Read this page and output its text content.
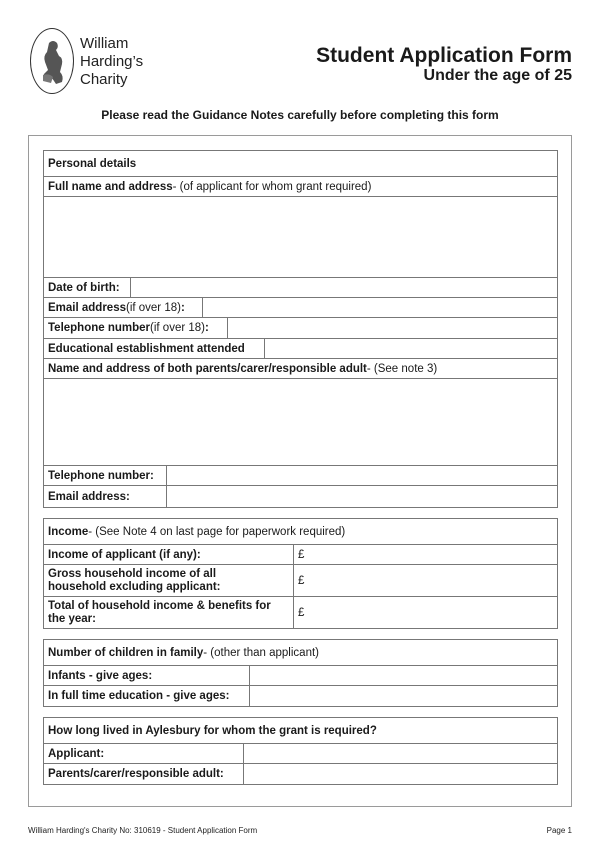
William
Harding’s
Charity
Student Application Form
Under the age of 25
Please read the Guidance Notes carefully before completing this form
Personal details
Full name and address - (of applicant for whom grant required)
Date of birth:
Email address (if over 18) :
Telephone number (if over 18) :
Educational establishment attended
Name and address of both parents/carer/responsible adult - (See note 3)
Telephone number:
Email address:
Income - (See Note 4 on last page for paperwork required)
Income of applicant (if any):	£
Gross household income of all
household excluding applicant:	£
Total of household income & benefits for
the year:	£
Number of children in family - (other than applicant)
Infants - give ages:
In full time education - give ages:
How long lived in Aylesbury for whom the grant is required?
Applicant:
Parents/carer/responsible adult:
William Harding's Charity No: 310619 - Student Application Form	Page 1
